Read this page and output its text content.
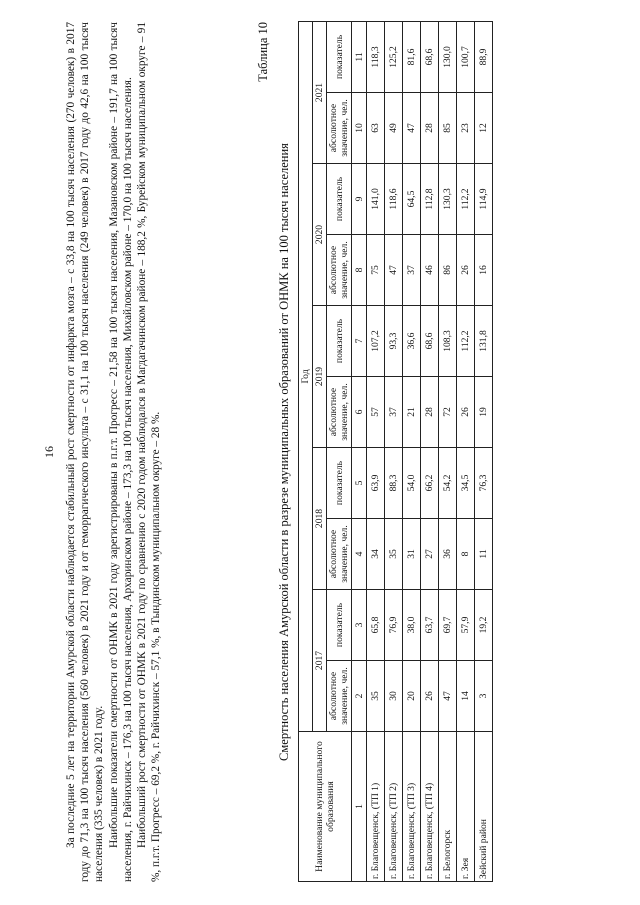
16 За последние 5 лет на территории Амурской области наблюдается стабильный рост смертности от инфаркта мозга – с 33,8 на 100 тысяч населения (270 человек) в 2017 году до 71,3 на 100 тысяч населения (560 человек) в 2021 году и от геморрагического инсульта – с 31,1 на 100 тысяч населения (249 человек) в 2017 году до 42,6 на 100 тысяч населения (335 человек) в 2021 году. Наибольшие показатели смертности от ОНМК в 2021 году зарегистрированы в п.г.т. Прогресс – 21,58 на 100 тысяч населения, Мазановском районе – 191,7 на 100 тысяч населения, г. Райчихинск – 176,3 на 100 тысяч населения, Архаринском районе – 173,3 на 100 тысяч населения, Михайловском районе – 170,0 на 100 тысяч населения. Наибольший рост смертности от ОНМК в 2021 году по сравнению с 2020 годом наблюдался в Магдагачинском районе – 188,2 %, Бурейском муниципальном округе – 91 %, п.г.т. Прогресс – 69,2 %, г. Райчихинск – 57,1 %, в Тындинском муниципальном округе – 28 %.

Таблица 10
Смертность населения Амурской области в разрезе муниципальных образований от ОНМК на 100 тысяч населения
Наименование муниципального образования	Год									
	2017		2018		2019		2020		2021	
	абсолютное значение, чел.	показатель	абсолютное значение, чел.	показатель	абсолютное значение, чел.	показатель	абсолютное значение, чел.	показатель	абсолютное значение, чел.	показатель
1	2	3	4	5	6	7	8	9	10	11
г. Благовещенск, (ТП 1)	35	65,8	34	63,9	57	107,2	75	141,0	63	118,3
г. Благовещенск, (ТП 2)	30	76,9	35	88,3	37	93,3	47	118,6	49	125,2
г. Благовещенск, (ТП 3)	20	38,0	31	54,0	21	36,6	37	64,5	47	81,6
г. Благовещенск, (ТП 4)	26	63,7	27	66,2	28	68,6	46	112,8	28	68,6
г. Белогорск	47	69,7	36	54,2	72	108,3	86	130,3	85	130,0
г. Зея	14	57,9	8	34,5	26	112,2	26	112,2	23	100,7
Зейский район	3	19,2	11	76,3	19	131,8	16	114,9	12	88,9
